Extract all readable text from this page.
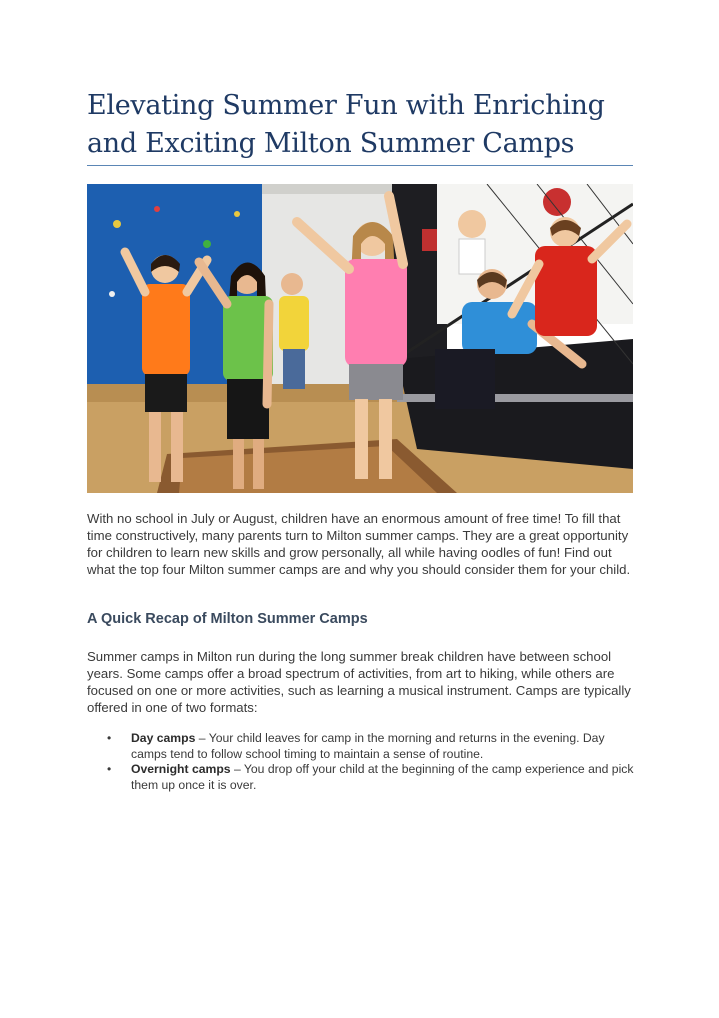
Elevating Summer Fun with Enriching and Exciting Milton Summer Camps

With no school in July or August, children have an enormous amount of free time! To fill that time constructively, many parents turn to Milton summer camps. They are a great opportunity for children to learn new skills and grow personally, all while having oodles of fun! Find out what the top four Milton summer camps are and why you should consider them for your child.

A Quick Recap of Milton Summer Camps

Summer camps in Milton run during the long summer break children have between school years. Some camps offer a broad spectrum of activities, from art to hiking, while others are focused on one or more activities, such as learning a musical instrument. Camps are typically offered in one of two formats:

• Day camps – Your child leaves for camp in the morning and returns in the evening. Day camps tend to follow school timing to maintain a sense of routine.
• Overnight camps – You drop off your child at the beginning of the camp experience and pick them up once it is over.
